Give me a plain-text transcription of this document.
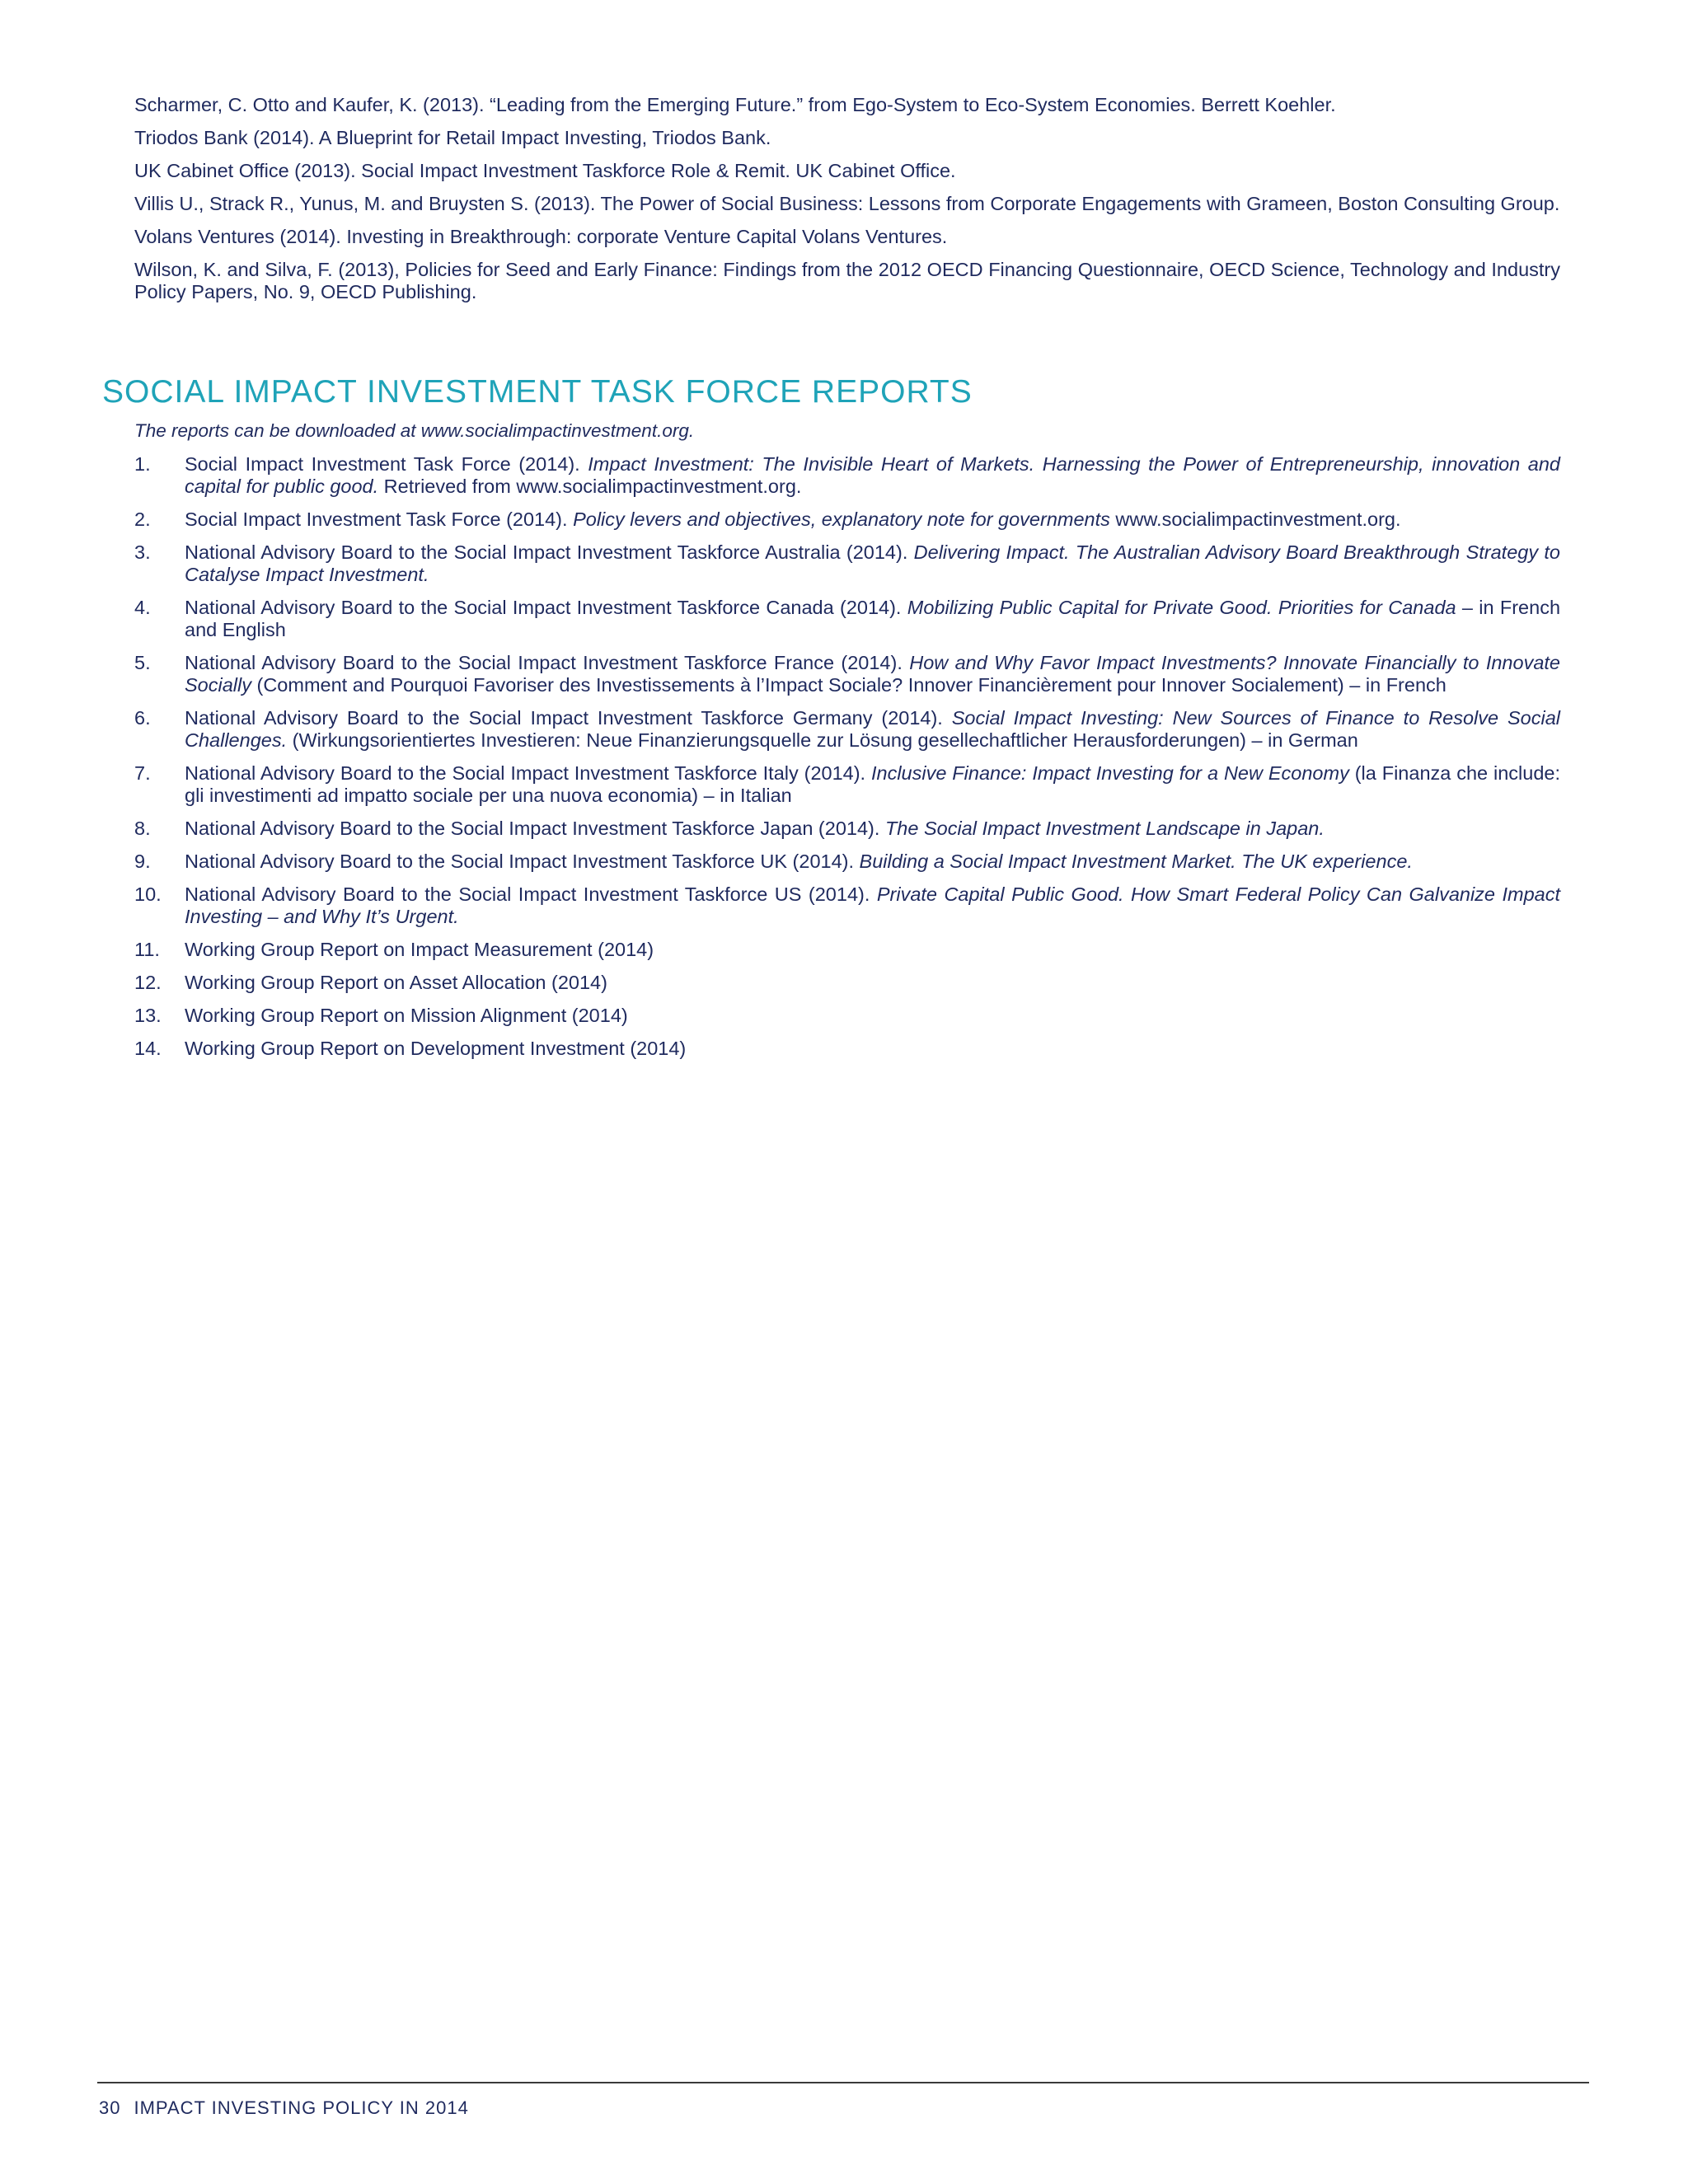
Scharmer, C. Otto and Kaufer, K. (2013). “Leading from the Emerging Future.” from Ego-System to Eco-System Economies. Berrett Koehler.

Triodos Bank (2014). A Blueprint for Retail Impact Investing, Triodos Bank.

UK Cabinet Office (2013). Social Impact Investment Taskforce Role & Remit. UK Cabinet Office.

Villis U., Strack R., Yunus, M. and Bruysten S. (2013). The Power of Social Business: Lessons from Corporate Engagements with Grameen, Boston Consulting Group.

Volans Ventures (2014). Investing in Breakthrough: corporate Venture Capital Volans Ventures.

Wilson, K. and Silva, F. (2013), Policies for Seed and Early Finance: Findings from the 2012 OECD Financing Questionnaire, OECD Science, Technology and Industry Policy Papers, No. 9, OECD Publishing.

SOCIAL IMPACT INVESTMENT TASK FORCE REPORTS

The reports can be downloaded at www.socialimpactinvestment.org.

1.	Social Impact Investment Task Force (2014). Impact Investment: The Invisible Heart of Markets. Harnessing the Power of Entrepreneurship, innovation and capital for public good. Retrieved from www.socialimpactinvestment.org.
2.	Social Impact Investment Task Force (2014). Policy levers and objectives, explanatory note for governments www.socialimpactinvestment.org.
3.	National Advisory Board to the Social Impact Investment Taskforce Australia (2014). Delivering Impact. The Australian Advisory Board Breakthrough Strategy to Catalyse Impact Investment.
4.	National Advisory Board to the Social Impact Investment Taskforce Canada (2014). Mobilizing Public Capital for Private Good. Priorities for Canada – in French and English
5.	National Advisory Board to the Social Impact Investment Taskforce France (2014). How and Why Favor Impact Investments? Innovate Financially to Innovate Socially (Comment and Pourquoi Favoriser des Investissements à l’Impact Sociale? Innover Financièrement pour Innover Socialement) – in French
6.	National Advisory Board to the Social Impact Investment Taskforce Germany (2014). Social Impact Investing: New Sources of Finance to Resolve Social Challenges. (Wirkungsorientiertes Investieren: Neue Finanzierungsquelle zur Lösung gesellechaftlicher Herausforderungen) – in German
7.	National Advisory Board to the Social Impact Investment Taskforce Italy (2014). Inclusive Finance: Impact Investing for a New Economy (la Finanza che include: gli investimenti ad impatto sociale per una nuova economia) – in Italian
8.	National Advisory Board to the Social Impact Investment Taskforce Japan (2014). The Social Impact Investment Landscape in Japan.
9.	National Advisory Board to the Social Impact Investment Taskforce UK (2014). Building a Social Impact Investment Market. The UK experience.
10.	National Advisory Board to the Social Impact Investment Taskforce US (2014). Private Capital Public Good. How Smart Federal Policy Can Galvanize Impact Investing – and Why It’s Urgent.
11.	Working Group Report on Impact Measurement (2014)
12.	Working Group Report on Asset Allocation (2014)
13.	Working Group Report on Mission Alignment (2014)
14.	Working Group Report on Development Investment (2014)
30 IMPACT INVESTING POLICY IN 2014
